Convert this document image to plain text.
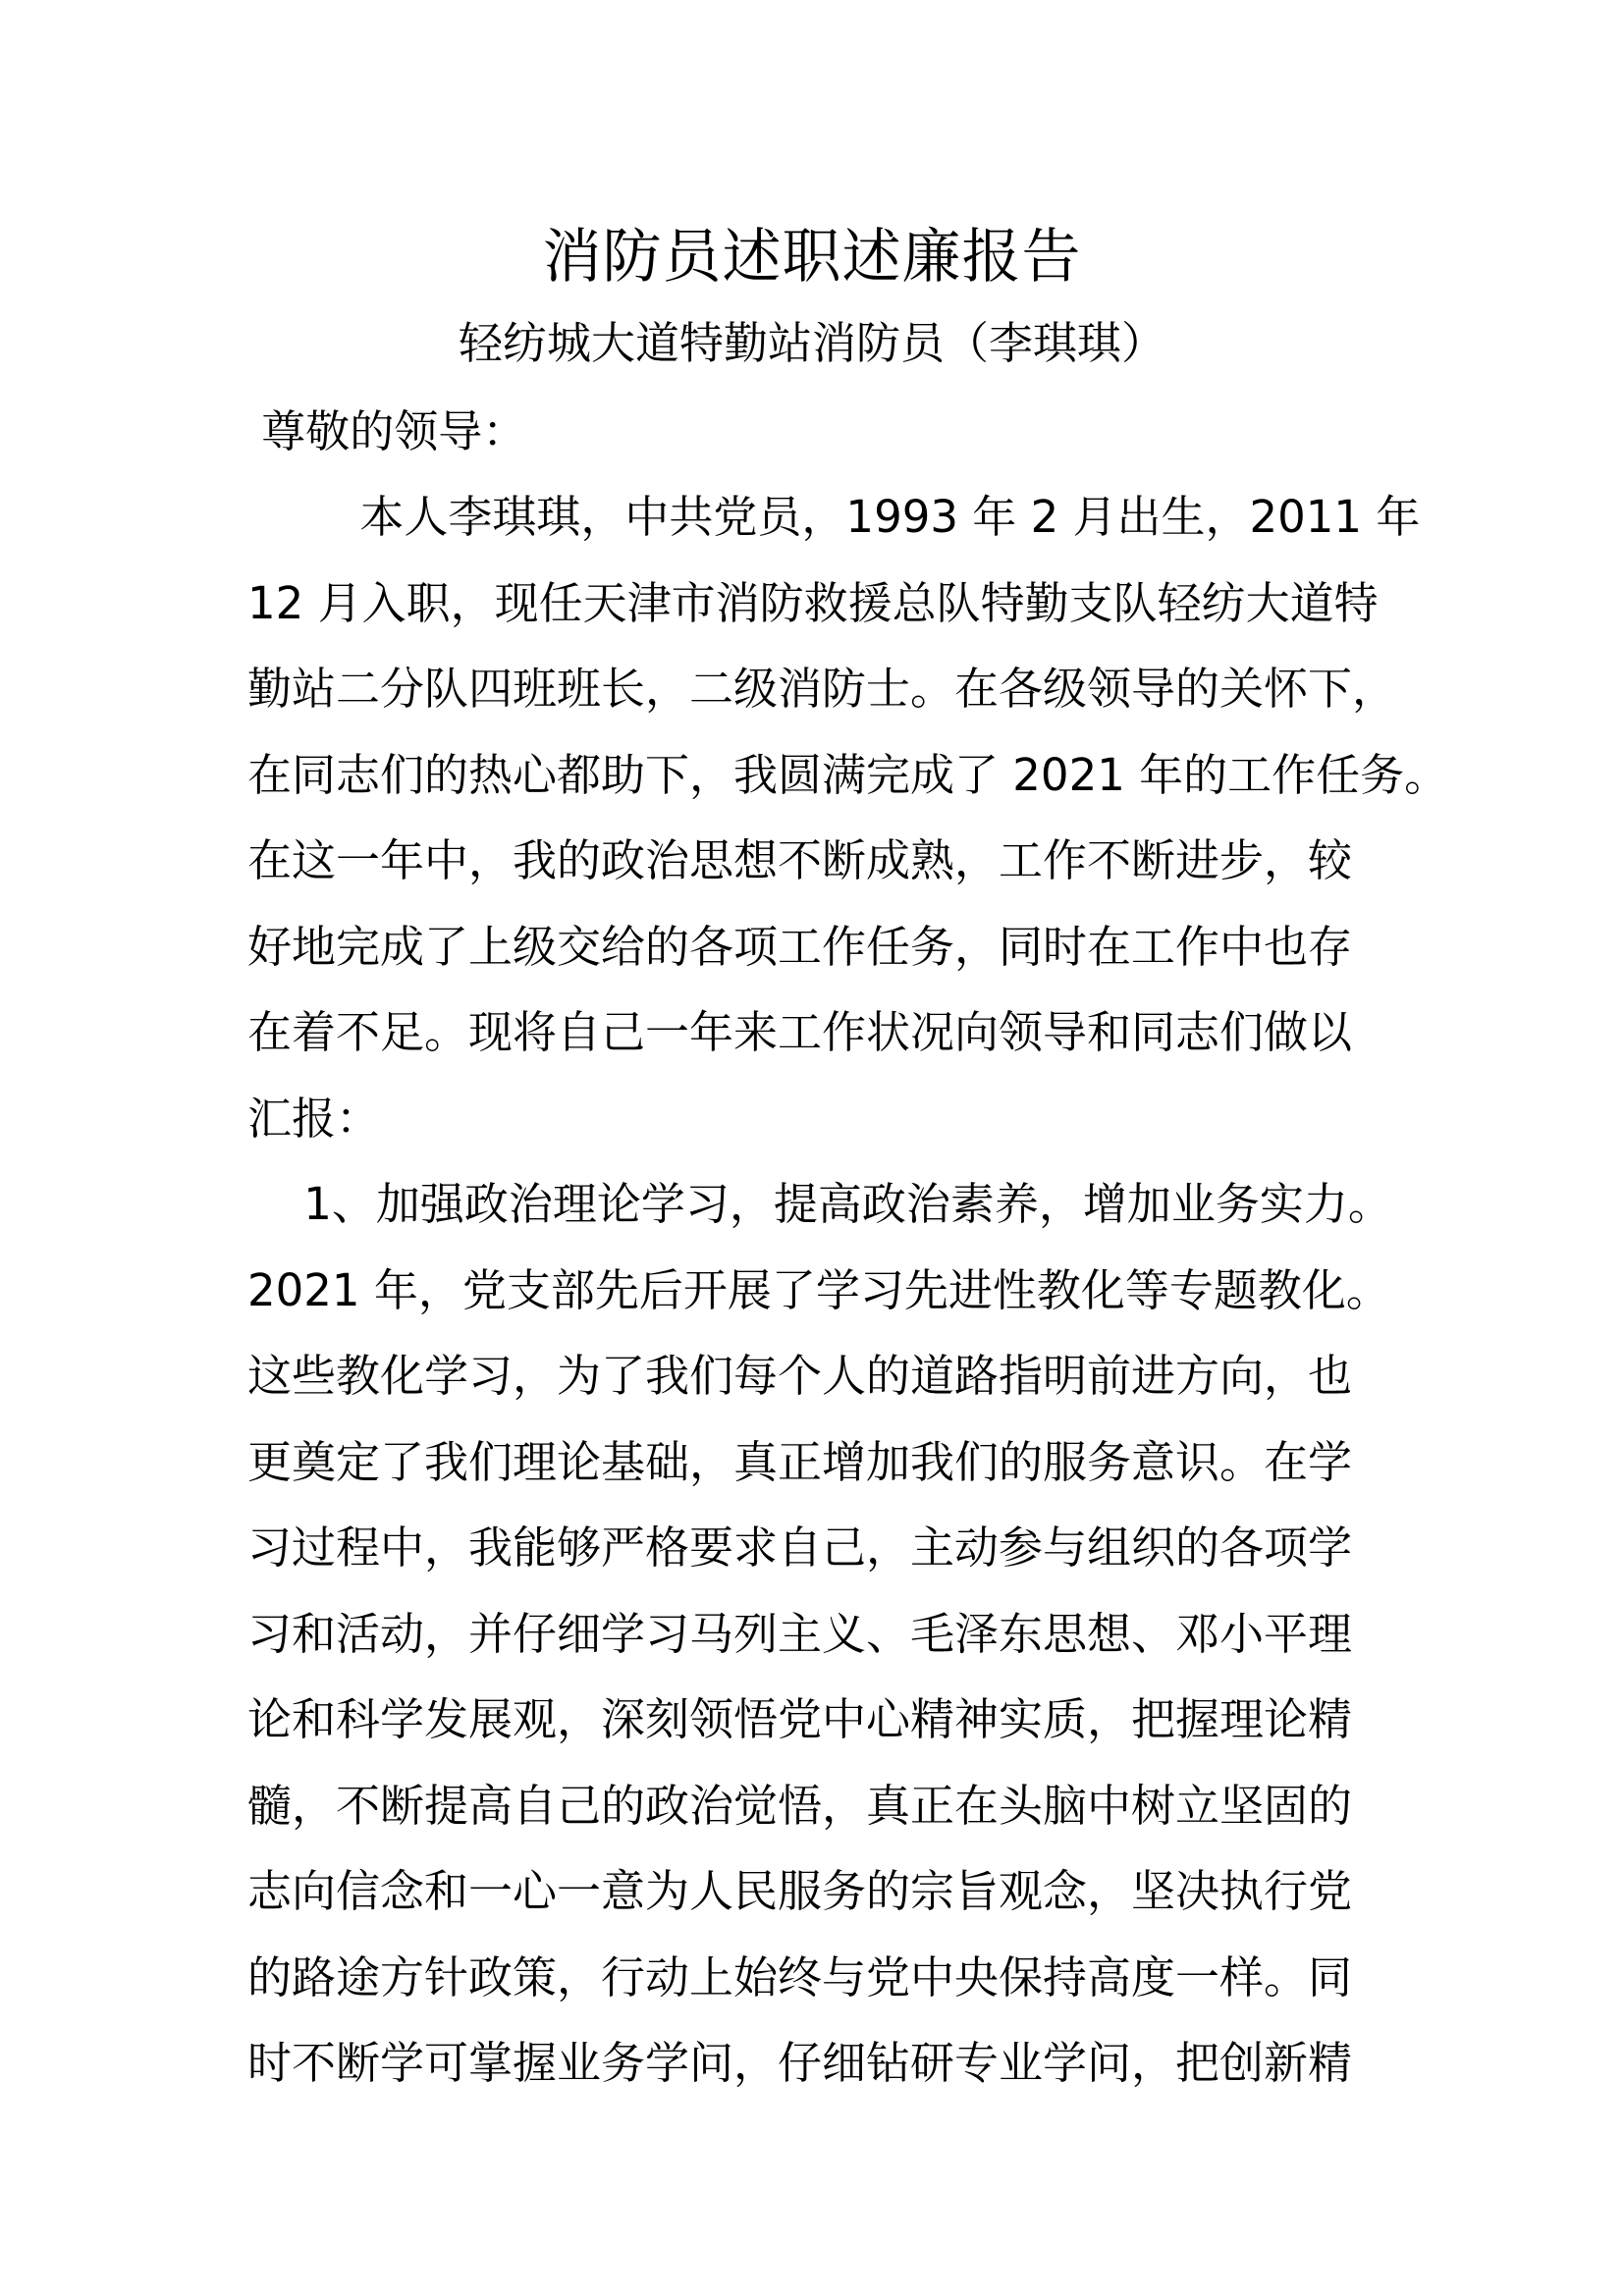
消防员述职述廉报告
轻纺城大道特勤站消防员（李琪琪）
尊敬的领导：
本人李琪琪，中共党员，1993 年 2 月出生，2011 年
12 月入职，现任天津市消防救援总队特勤支队轻纺大道特
勤站二分队四班班长，二级消防士。在各级领导的关怀下，
在同志们的热心都助下，我圆满完成了 2021 年的工作任务。
在这一年中，我的政治思想不断成熟，工作不断进步，较
好地完成了上级交给的各项工作任务，同时在工作中也存
在着不足。现将自己一年来工作状况向领导和同志们做以
汇报：
1、加强政治理论学习，提高政治素养，增加业务实力。
2021 年，党支部先后开展了学习先进性教化等专题教化。
这些教化学习，为了我们每个人的道路指明前进方向，也
更奠定了我们理论基础，真正增加我们的服务意识。在学
习过程中，我能够严格要求自己，主动参与组织的各项学
习和活动，并仔细学习马列主义、毛泽东思想、邓小平理
论和科学发展观，深刻领悟党中心精神实质，把握理论精
髓，不断提高自己的政治觉悟，真正在头脑中树立坚固的
志向信念和一心一意为人民服务的宗旨观念，坚决执行党
的路途方针政策，行动上始终与党中央保持高度一样。同
时不断学可掌握业务学问，仔细钻研专业学问，把创新精
